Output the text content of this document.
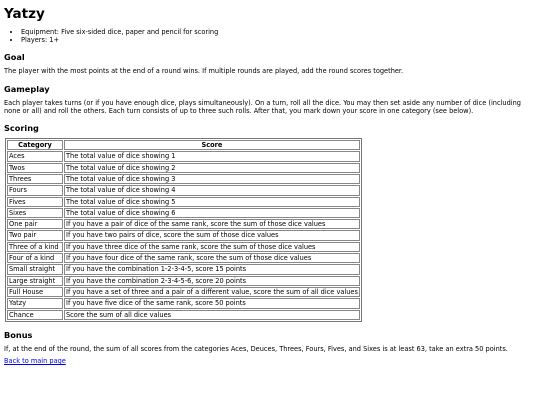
Yatzy
• Equipment: Five six-sided dice, paper and pencil for scoring
• Players: 1+
Goal

The player with the most points at the end of a round wins. If multiple rounds are played, add the round scores together.

Gameplay

Each player takes turns (or if you have enough dice, plays simultaneously). On a turn, roll all the dice. You may then set aside any number of dice (including none or all) and roll the others. Each turn consists of up to three such rolls. After that, you mark down your score in one category (see below).

Scoring
Category	Score
Aces	The total value of dice showing 1
Twos	The total value of dice showing 2
Threes	The total value of dice showing 3
Fours	The total value of dice showing 4
Fives	The total value of dice showing 5
Sixes	The total value of dice showing 6
One pair	If you have a pair of dice of the same rank, score the sum of those dice values
Two pair	If you have two pairs of dice, score the sum of those dice values
Three of a kind	If you have three dice of the same rank, score the sum of those dice values
Four of a kind	If you have four dice of the same rank, score the sum of those dice values
Small straight	If you have the combination 1-2-3-4-5, score 15 points
Large straight	If you have the combination 2-3-4-5-6, score 20 points
Full House	If you have a set of three and a pair of a different value, score the sum of all dice values
Yatzy	If you have five dice of the same rank, score 50 points
Chance	Score the sum of all dice values
Bonus

If, at the end of the round, the sum of all scores from the categories Aces, Deuces, Threes, Fours, Fives, and Sixes is at least 63, take an extra 50 points.

Back to main page
